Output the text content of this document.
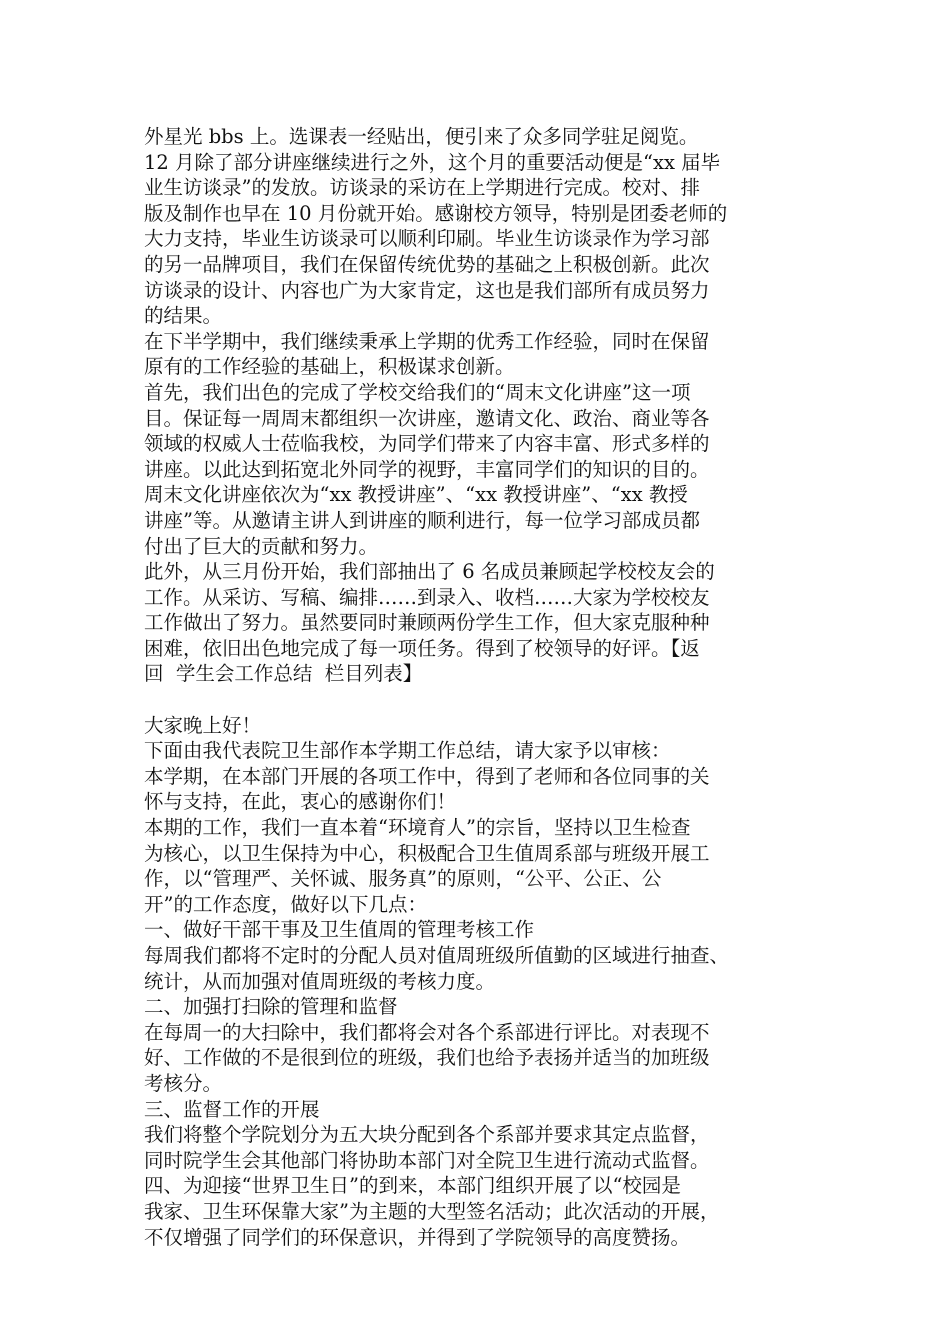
外星光 bbs 上。选课表一经贴出，便引来了众多同学驻足阅览。
12 月除了部分讲座继续进行之外，这个月的重要活动便是“xx 届毕
业生访谈录”的发放。访谈录的采访在上学期进行完成。校对、排
版及制作也早在 10 月份就开始。感谢校方领导，特别是团委老师的
大力支持，毕业生访谈录可以顺利印刷。毕业生访谈录作为学习部
的另一品牌项目，我们在保留传统优势的基础之上积极创新。此次
访谈录的设计、内容也广为大家肯定，这也是我们部所有成员努力
的结果。
在下半学期中，我们继续秉承上学期的优秀工作经验，同时在保留
原有的工作经验的基础上，积极谋求创新。
首先，我们出色的完成了学校交给我们的“周末文化讲座”这一项
目。保证每一周周末都组织一次讲座，邀请文化、政治、商业等各
领域的权威人士莅临我校，为同学们带来了内容丰富、形式多样的
讲座。以此达到拓宽北外同学的视野，丰富同学们的知识的目的。
周末文化讲座依次为“xx 教授讲座”、“xx 教授讲座”、“xx 教授
讲座”等。从邀请主讲人到讲座的顺利进行，每一位学习部成员都
付出了巨大的贡献和努力。
此外，从三月份开始，我们部抽出了 6 名成员兼顾起学校校友会的
工作。从采访、写稿、编排……到录入、收档……大家为学校校友
工作做出了努力。虽然要同时兼顾两份学生工作，但大家克服种种
困难，依旧出色地完成了每一项任务。得到了校领导的好评。【返
回  学生会工作总结  栏目列表】
大家晚上好！
下面由我代表院卫生部作本学期工作总结，请大家予以审核：
本学期，在本部门开展的各项工作中，得到了老师和各位同事的关
怀与支持，在此，衷心的感谢你们！
本期的工作，我们一直本着“环境育人”的宗旨，坚持以卫生检查
为核心，以卫生保持为中心，积极配合卫生值周系部与班级开展工
作，以“管理严、关怀诚、服务真”的原则，“公平、公正、公
开”的工作态度，做好以下几点：
一、做好干部干事及卫生值周的管理考核工作
每周我们都将不定时的分配人员对值周班级所值勤的区域进行抽查、
统计，从而加强对值周班级的考核力度。
二、加强打扫除的管理和监督
在每周一的大扫除中，我们都将会对各个系部进行评比。对表现不
好、工作做的不是很到位的班级，我们也给予表扬并适当的加班级
考核分。
三、监督工作的开展
我们将整个学院划分为五大块分配到各个系部并要求其定点监督，
同时院学生会其他部门将协助本部门对全院卫生进行流动式监督。
四、为迎接“世界卫生日”的到来，本部门组织开展了以“校园是
我家、卫生环保靠大家”为主题的大型签名活动；此次活动的开展，
不仅增强了同学们的环保意识，并得到了学院领导的高度赞扬。
